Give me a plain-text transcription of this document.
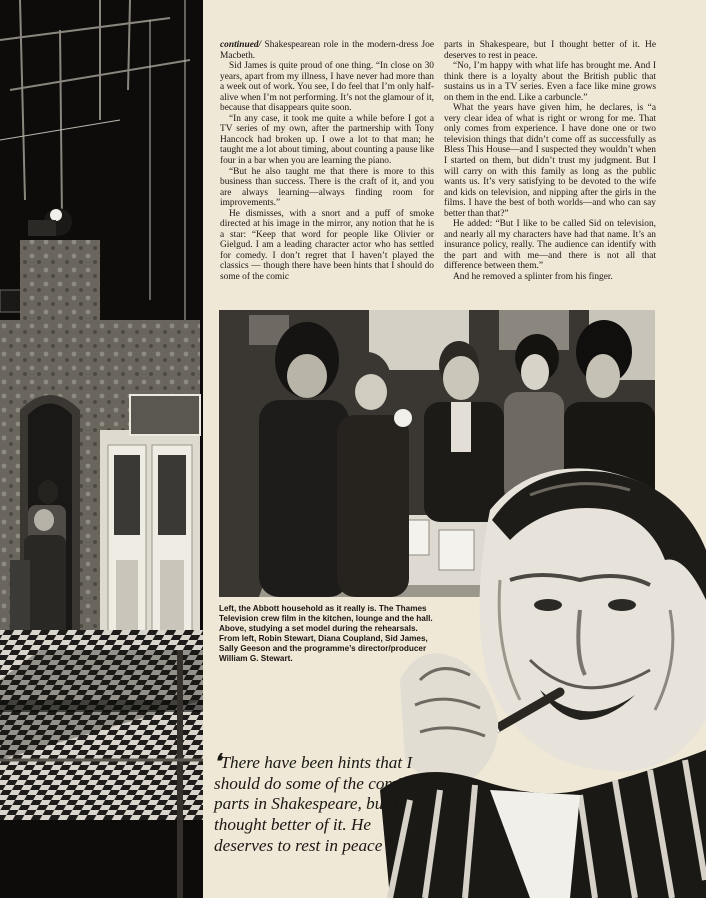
continued/ Shakespearean role in the modern-dress Joe Macbeth.

Sid James is quite proud of one thing. “In close on 30 years, apart from my illness, I have never had more than a week out of work. You see, I do feel that I’m only half-alive when I’m not performing. It’s not the glamour of it, because that disappears quite soon.

“In any case, it took me quite a while before I got a TV series of my own, after the partnership with Tony Hancock had broken up. I owe a lot to that man; he taught me a lot about timing, about counting a pause like four in a bar when you are learning the piano.

“But he also taught me that there is more to this business than success. There is the craft of it, and you are always learning—always finding room for improvements.”

He dismisses, with a snort and a puff of smoke directed at his image in the mirror, any notion that he is a star: “Keep that word for people like Olivier or Gielgud. I am a leading character actor who has settled for comedy. I don’t regret that I haven’t played the classics — though there have been hints that I should do some of the comic

parts in Shakespeare, but I thought better of it. He deserves to rest in peace.

“No, I’m happy with what life has brought me. And I think there is a loyalty about the British public that sustains us in a TV series. Even a face like mine grows on them in the end. Like a carbuncle.”

What the years have given him, he declares, is “a very clear idea of what is right or wrong for me. That only comes from experience. I have done one or two television things that didn’t come off as successfully as Bless This House—and I suspected they wouldn’t when I started on them, but didn’t trust my judgment. But I will carry on with this family as long as the public wants us. It’s very satisfying to be devoted to the wife and kids on television, and nipping after the girls in the films. I have the best of both worlds—and who can say better than that?”

He added: “But I like to be called Sid on television, and nearly all my characters have had that name. It’s an insurance policy, really. The audience can identify with the part and with me—and there is not all that difference between them.”

And he removed a splinter from his finger.

Left, the Abbott household as it really is. The Thames Television crew film in the kitchen, lounge and the hall. Above, studying a set model during the rehearsals. From left, Robin Stewart, Diana Coupland, Sid James, Sally Geeson and the programme’s director/producer William G. Stewart.
❛There have been hints that I should do some of the comic parts in Shakespeare, but I thought better of it. He deserves to rest in peace❞
